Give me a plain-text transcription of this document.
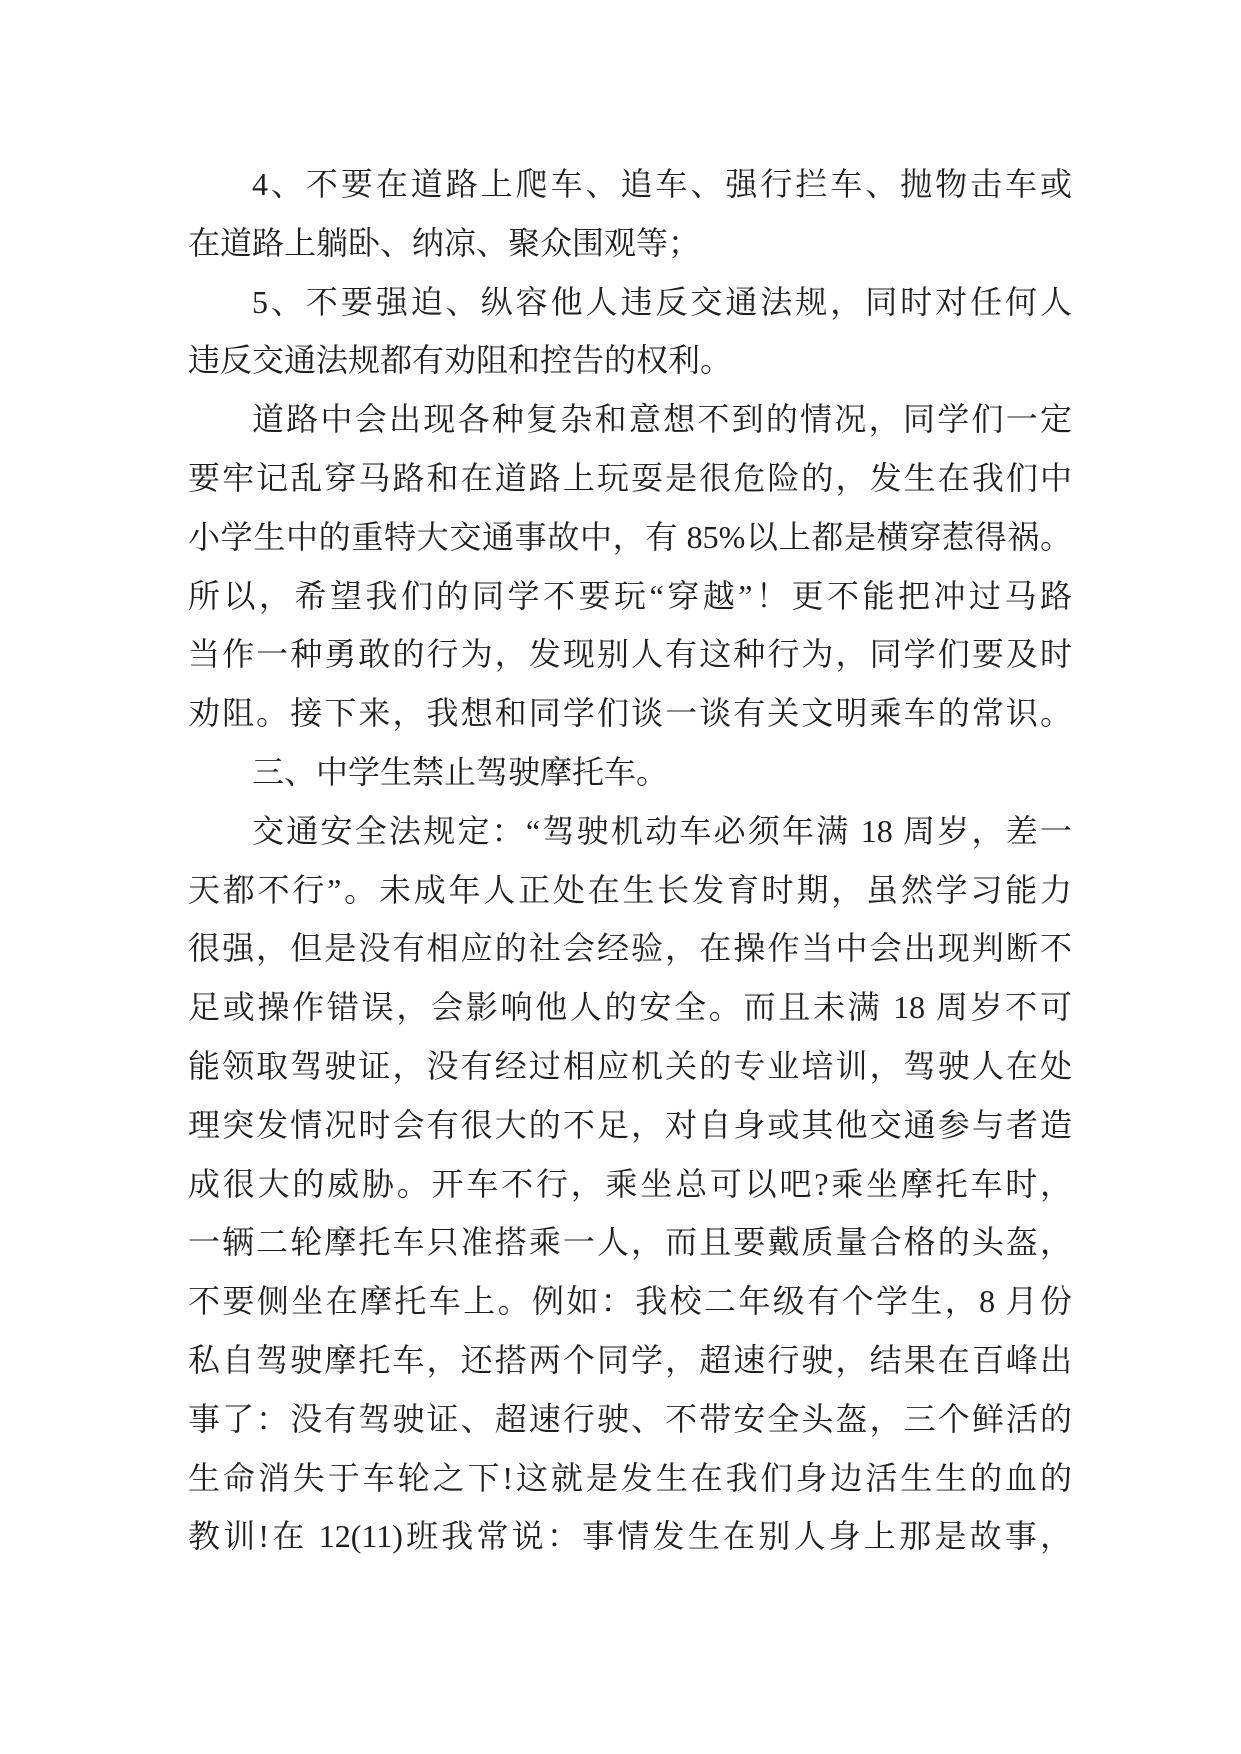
4、不要在道路上爬车、追车、强行拦车、抛物击车或
在道路上躺卧、纳凉、聚众围观等；
5、不要强迫、纵容他人违反交通法规，同时对任何人
违反交通法规都有劝阻和控告的权利。
道路中会出现各种复杂和意想不到的情况，同学们一定
要牢记乱穿马路和在道路上玩耍是很危险的，发生在我们中
小学生中的重特大交通事故中，有 85%以上都是横穿惹得祸。
所以，希望我们的同学不要玩“穿越”！更不能把冲过马路
当作一种勇敢的行为，发现别人有这种行为，同学们要及时
劝阻。接下来，我想和同学们谈一谈有关文明乘车的常识。
三、中学生禁止驾驶摩托车。
交通安全法规定：“驾驶机动车必须年满 18 周岁，差一
天都不行”。未成年人正处在生长发育时期，虽然学习能力
很强，但是没有相应的社会经验，在操作当中会出现判断不
足或操作错误，会影响他人的安全。而且未满 18 周岁不可
能领取驾驶证，没有经过相应机关的专业培训，驾驶人在处
理突发情况时会有很大的不足，对自身或其他交通参与者造
成很大的威胁。开车不行，乘坐总可以吧?乘坐摩托车时，
一辆二轮摩托车只准搭乘一人，而且要戴质量合格的头盔，
不要侧坐在摩托车上。例如：我校二年级有个学生，8 月份
私自驾驶摩托车，还搭两个同学，超速行驶，结果在百峰出
事了：没有驾驶证、超速行驶、不带安全头盔，三个鲜活的
生命消失于车轮之下!这就是发生在我们身边活生生的血的
教训!在 12(11)班我常说：事情发生在别人身上那是故事，
